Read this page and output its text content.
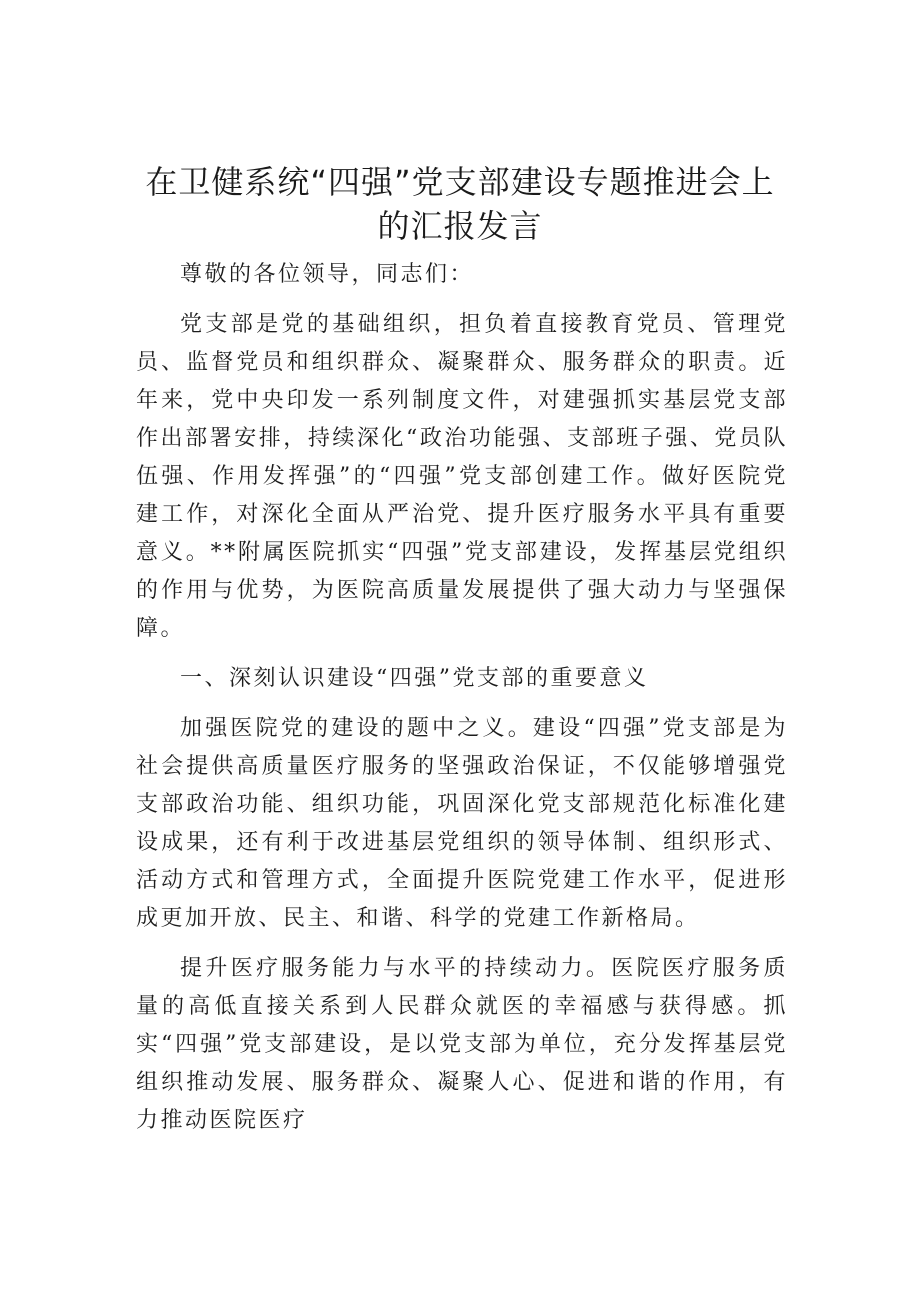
在卫健系统“四强”党支部建设专题推进会上的汇报发言

尊敬的各位领导，同志们：

党支部是党的基础组织，担负着直接教育党员、管理党员、监督党员和组织群众、凝聚群众、服务群众的职责。近年来，党中央印发一系列制度文件，对建强抓实基层党支部作出部署安排，持续深化“政治功能强、支部班子强、党员队伍强、作用发挥强”的“四强”党支部创建工作。做好医院党建工作，对深化全面从严治党、提升医疗服务水平具有重要意义。**附属医院抓实“四强”党支部建设，发挥基层党组织的作用与优势，为医院高质量发展提供了强大动力与坚强保障。

一、深刻认识建设“四强”党支部的重要意义

加强医院党的建设的题中之义。建设“四强”党支部是为社会提供高质量医疗服务的坚强政治保证，不仅能够增强党支部政治功能、组织功能，巩固深化党支部规范化标准化建设成果，还有利于改进基层党组织的领导体制、组织形式、活动方式和管理方式，全面提升医院党建工作水平，促进形成更加开放、民主、和谐、科学的党建工作新格局。

提升医疗服务能力与水平的持续动力。医院医疗服务质量的高低直接关系到人民群众就医的幸福感与获得感。抓实“四强”党支部建设，是以党支部为单位，充分发挥基层党组织推动发展、服务群众、凝聚人心、促进和谐的作用，有力推动医院医疗
